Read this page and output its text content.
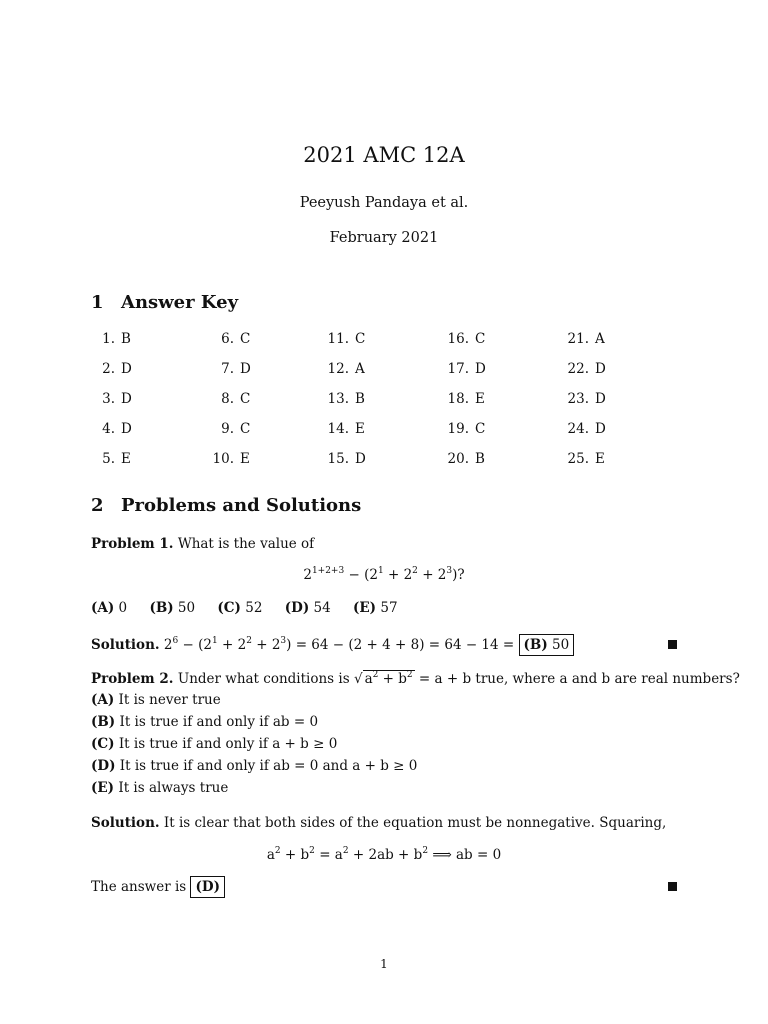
2021 AMC 12A
Peeyush Pandaya et al.
February 2021
1 Answer Key
1. B
2. D
3. D
4. D
5. E
6. C
7. D
8. C
9. C
10. E
11. C
12. A
13. B
14. E
15. D
16. C
17. D
18. E
19. C
20. B
21. A
22. D
23. D
24. D
25. E
2 Problems and Solutions
Problem 1. What is the value of
$2^{1+2+3} - (2^1 + 2^2 + 2^3)$?
(A) 0 (B) 50 (C) 52 (D) 54 (E) 57
Solution. $2^6 - (2^1 + 2^2 + 2^3) = 64 - (2 + 4 + 8) = 64 - 14 = (B)$ 50
Problem 2. Under what conditions is √ $a^2 + b^2 = a + b$ true, where a and b are real numbers?
(A) It is never true
(B) It is true if and only if ab = 0
(C) It is true if and only if a + b ≥ 0
(D) It is true if and only if ab = 0 and a + b ≥ 0
(E) It is always true
Solution. It is clear that both sides of the equation must be nonnegative. Squaring,
$a^2 + b^2 = a^2 + 2ab + b^2$ ⟹ ab = 0
The answer is (D)
1
